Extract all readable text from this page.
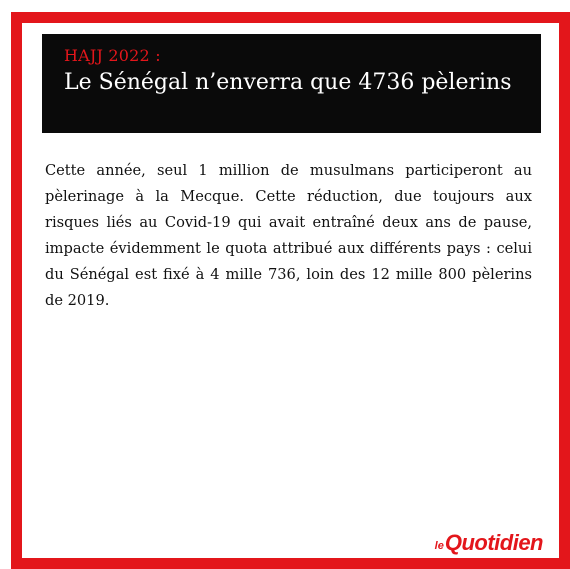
HAJJ 2022 :
Le Sénégal n’enverra que 4736 pèlerins
Cette année, seul 1 million de musulmans participeront au pèlerinage à la Mecque. Cette réduction, due toujours aux risques liés au Covid-19 qui avait entraîné deux ans de pause, impacte évidemment le quota attribué aux différents pays : celui du Sénégal est fixé à 4 mille 736, loin des 12 mille 800 pèlerins de 2019.
le Quotidien
